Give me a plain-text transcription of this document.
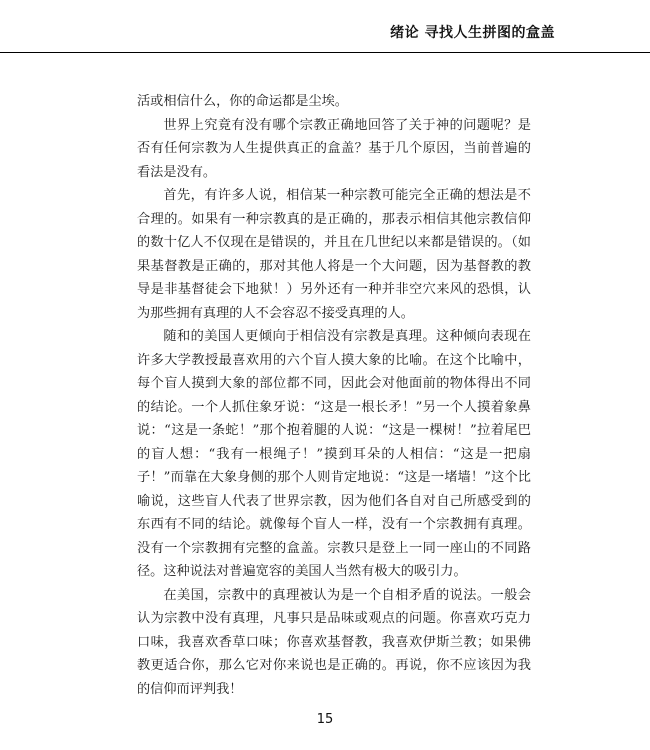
绪论 寻找人生拼图的盒盖

活或相信什么，你的命运都是尘埃。

世界上究竟有没有哪个宗教正确地回答了关于神的问题呢？是否有任何宗教为人生提供真正的盒盖？基于几个原因，当前普遍的看法是没有。

首先，有许多人说，相信某一种宗教可能完全正确的想法是不合理的。如果有一种宗教真的是正确的，那表示相信其他宗教信仰的数十亿人不仅现在是错误的，并且在几世纪以来都是错误的。（如果基督教是正确的，那对其他人将是一个大问题，因为基督教的教导是非基督徒会下地狱！）另外还有一种并非空穴来风的恐惧，认为那些拥有真理的人不会容忍不接受真理的人。

随和的美国人更倾向于相信没有宗教是真理。这种倾向表现在许多大学教授最喜欢用的六个盲人摸大象的比喻。在这个比喻中，每个盲人摸到大象的部位都不同，因此会对他面前的物体得出不同的结论。一个人抓住象牙说：“这是一根长矛！”另一个人摸着象鼻说：“这是一条蛇！”那个抱着腿的人说：“这是一棵树！”拉着尾巴的盲人想：“我有一根绳子！”摸到耳朵的人相信：“这是一把扇子！”而靠在大象身侧的那个人则肯定地说：“这是一堵墙！”这个比喻说，这些盲人代表了世界宗教，因为他们各自对自己所感受到的东西有不同的结论。就像每个盲人一样，没有一个宗教拥有真理。没有一个宗教拥有完整的盒盖。宗教只是登上一同一座山的不同路径。这种说法对普遍宽容的美国人当然有极大的吸引力。

在美国，宗教中的真理被认为是一个自相矛盾的说法。一般会认为宗教中没有真理，凡事只是品味或观点的问题。你喜欢巧克力口味，我喜欢香草口味；你喜欢基督教，我喜欢伊斯兰教；如果佛教更适合你，那么它对你来说也是正确的。再说，你不应该因为我的信仰而评判我！

15
